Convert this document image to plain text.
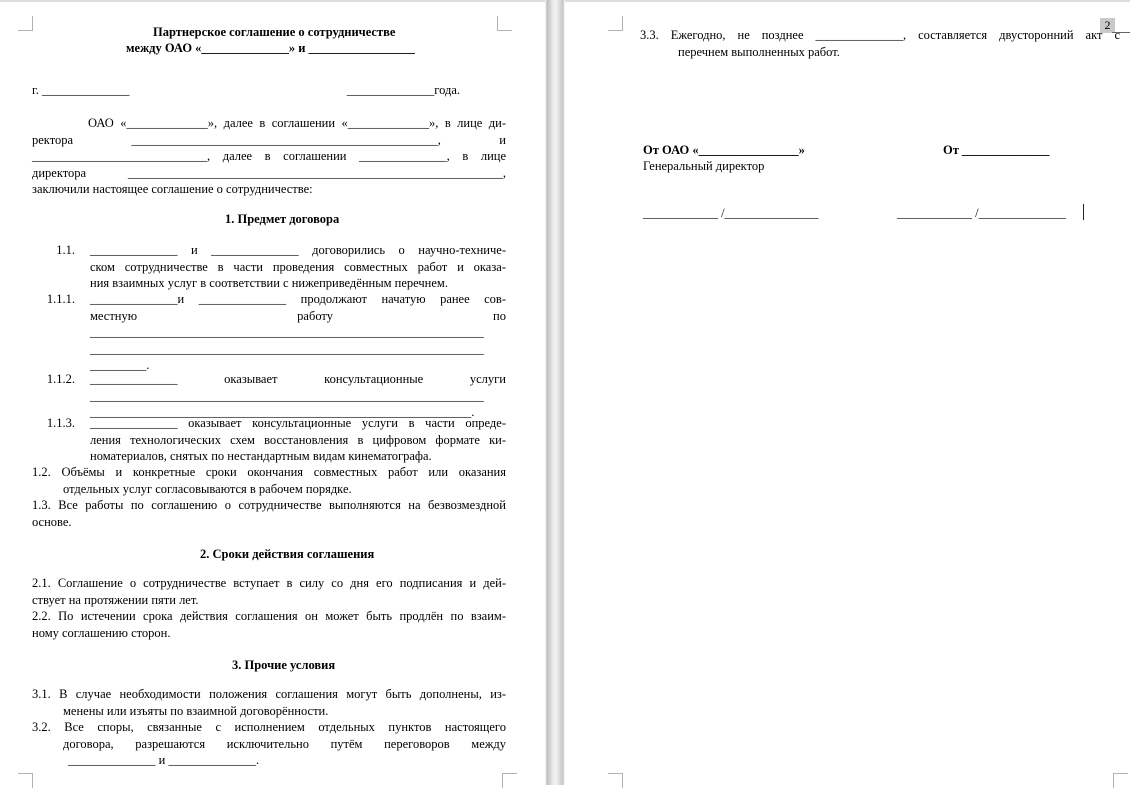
Партнерское соглашение о сотрудничестве
между ОАО «______________» и _________________
г. ______________	______________года.
ОАО «_____________», далее в соглашении «_____________», в лице ди-
ректора _________________________________________________, и
____________________________, далее в соглашении ______________, в лице
директора ____________________________________________________________,
заключили настоящее соглашение о сотрудничестве:
1. Предмет договора
1.1. ______________ и ______________ договорились о научно-техниче-
ском сотрудничестве в части проведения совместных работ и оказа-
ния взаимных услуг в соответствии с нижеприведённым перечнем.
1.1.1. ______________и ______________ продолжают начатую ранее сов-
местную работу по
_______________________________________________________________
_______________________________________________________________
_________.
1.1.2. ______________ оказывает консультационные услуги
_______________________________________________________________
_____________________________________________________________.
1.1.3. ______________ оказывает консультационные услуги в части опреде-
ления технологических схем восстановления в цифровом формате ки-
номатериалов, снятых по нестандартным видам кинематографа.
1.2. Объёмы и конкретные сроки окончания совместных работ или оказания
отдельных услуг согласовываются в рабочем порядке.
1.3. Все работы по соглашению о сотрудничестве выполняются на безвозмездной
основе.
2. Сроки действия соглашения
2.1. Соглашение о сотрудничестве вступает в силу со дня его подписания и дей-
ствует на протяжении пяти лет.
2.2. По истечении срока действия соглашения он может быть продлён по взаим-
ному соглашению сторон.
3. Прочие условия
3.1. В случае необходимости положения соглашения могут быть дополнены, из-
менены или изъяты по взаимной договорённости.
3.2. Все споры, связанные с исполнением отдельных пунктов настоящего
договора, разрешаются исключительно путём переговоров между
______________ и ______________.
2
3.3. Ежегодно, не позднее ______________, составляется двусторонний акт с
перечнем выполненных работ.
От ОАО «________________»	От ______________
Генеральный директор
____________ /_______________	____________ /______________
